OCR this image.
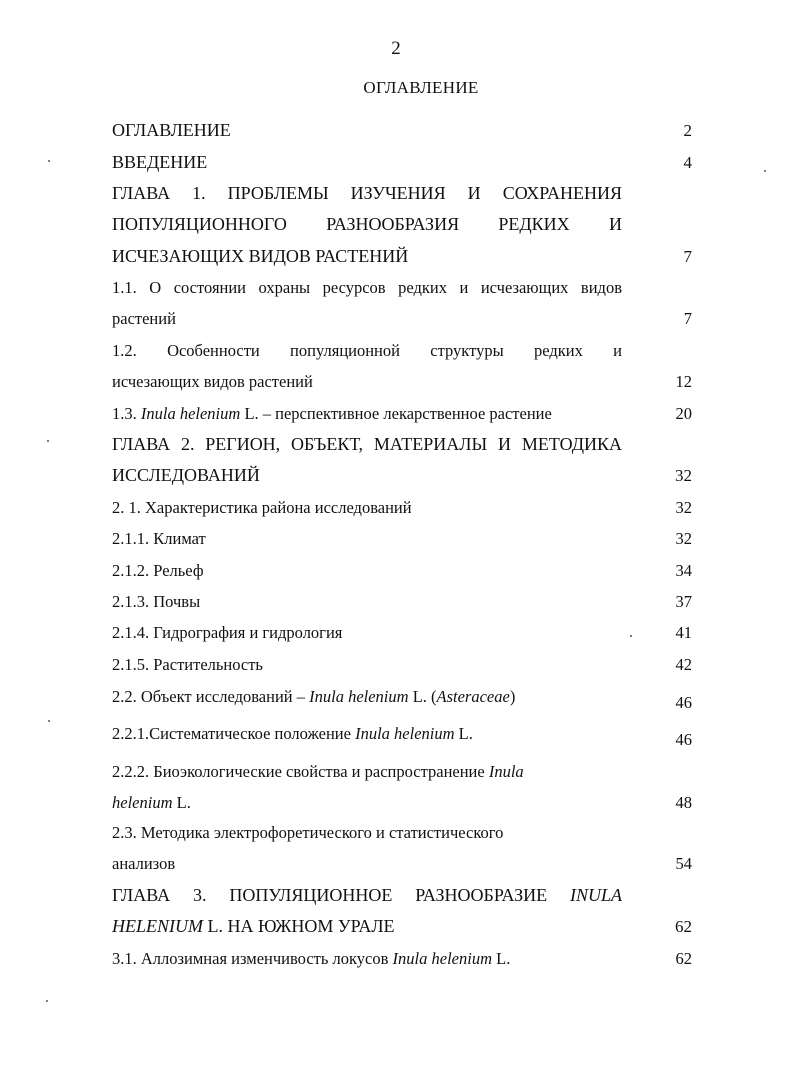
2
ОГЛАВЛЕНИЕ
ОГЛАВЛЕНИЕ	2
ВВЕДЕНИЕ	4
ГЛАВА 1. ПРОБЛЕМЫ ИЗУЧЕНИЯ И СОХРАНЕНИЯ
ПОПУЛЯЦИОННОГО РАЗНООБРАЗИЯ РЕДКИХ И
ИСЧЕЗАЮЩИХ ВИДОВ РАСТЕНИЙ	7
1.1. О состоянии охраны ресурсов редких и исчезающих видов
растений	7
1.2. Особенности популяционной структуры редких и
исчезающих видов растений	12
1.3. Inula helenium L. – перспективное лекарственное растение	20
ГЛАВА 2. РЕГИОН, ОБЪЕКТ, МАТЕРИАЛЫ И МЕТОДИКА
ИССЛЕДОВАНИЙ	32
2. 1. Характеристика района исследований	32
2.1.1. Климат	32
2.1.2. Рельеф	34
2.1.3. Почвы	37
2.1.4. Гидрография и гидрология	41
2.1.5. Растительность	42
2.2. Объект исследований – Inula helenium L. (Asteraceae)	46
2.2.1.Систематическое положение Inula helenium L.	46
2.2.2. Биоэкологические свойства и распространение Inula
helenium L.	48
2.3. Методика электрофоретического и статистического
анализов	54
ГЛАВА 3. ПОПУЛЯЦИОННОЕ РАЗНООБРАЗИЕ INULA
HELENIUM L. НА ЮЖНОМ УРАЛЕ	62
3.1. Аллозимная изменчивость локусов Inula helenium L.	62
